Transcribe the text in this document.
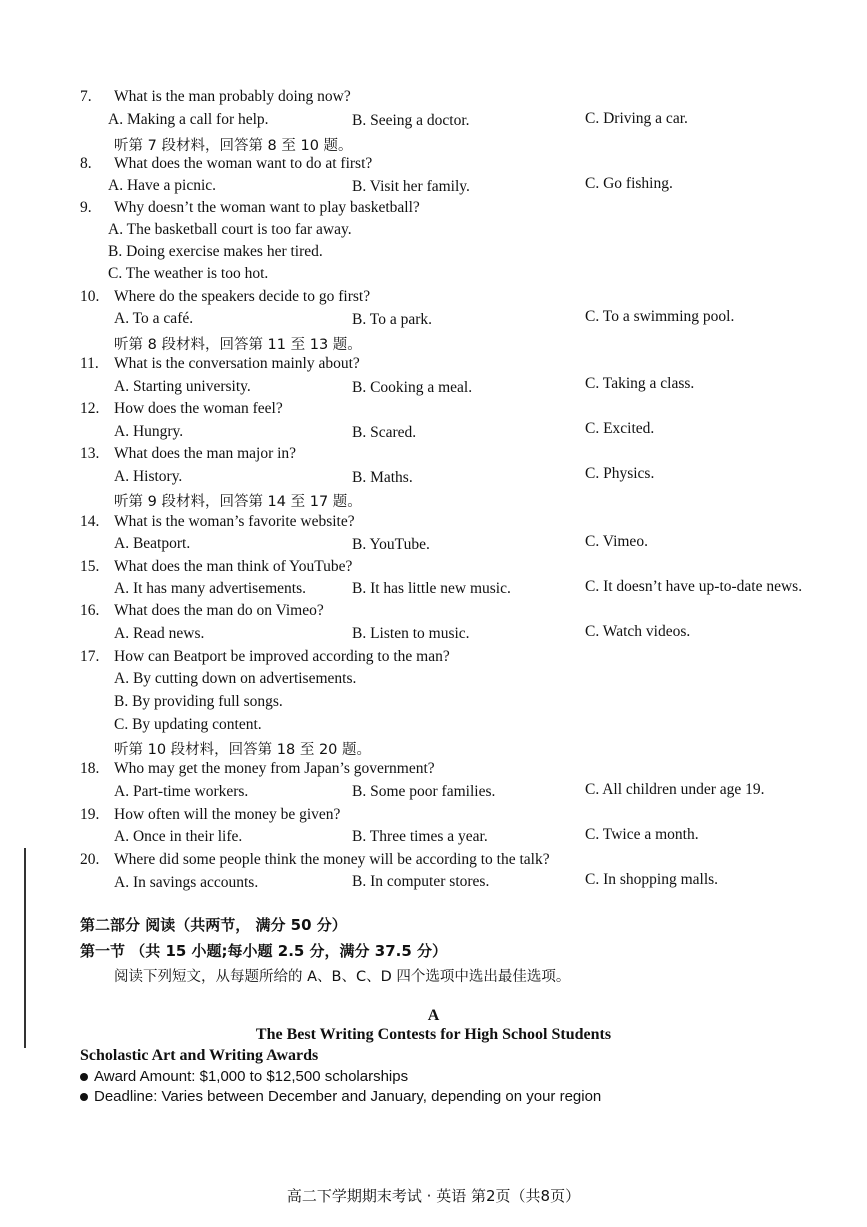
7. What is the man probably doing now?
A. Making a call for help.	B. Seeing a doctor.	C. Driving a car.
听第 7 段材料，回答第 8 至 10 题。
8. What does the woman want to do at first?
A. Have a picnic.	B. Visit her family.	C. Go fishing.
9. Why doesn’t the woman want to play basketball?
A. The basketball court is too far away.
B. Doing exercise makes her tired.
C. The weather is too hot.
10. Where do the speakers decide to go first?
A. To a café.	B. To a park.	C. To a swimming pool.
听第 8 段材料，回答第 11 至 13 题。
11. What is the conversation mainly about?
A. Starting university.	B. Cooking a meal.	C. Taking a class.
12. How does the woman feel?
A. Hungry.	B. Scared.	C. Excited.
13. What does the man major in?
A. History.	B. Maths.	C. Physics.
听第 9 段材料，回答第 14 至 17 题。
14. What is the woman’s favorite website?
A. Beatport.	B. YouTube.	C. Vimeo.
15. What does the man think of YouTube?
A. It has many advertisements.	B. It has little new music.	C. It doesn’t have up-to-date news.
16. What does the man do on Vimeo?
A. Read news.	B. Listen to music.	C. Watch videos.
17. How can Beatport be improved according to the man?
A. By cutting down on advertisements.
B. By providing full songs.
C. By updating content.
听第 10 段材料，回答第 18 至 20 题。
18. Who may get the money from Japan’s government?
A. Part-time workers.	B. Some poor families.	C. All children under age 19.
19. How often will the money be given?
A. Once in their life.	B. Three times a year.	C. Twice a month.
20. Where did some people think the money will be according to the talk?
A. In savings accounts.	B. In computer stores.	C. In shopping malls.
第二部分 阅读（共两节， 满分 50 分）
第一节 （共 15 小题;每小题 2.5 分，满分 37.5 分）
阅读下列短文，从每题所给的 A、B、C、D 四个选项中选出最佳选项。
A
The Best Writing Contests for High School Students
Scholastic Art and Writing Awards
Award Amount: $1,000 to $12,500 scholarships
Deadline: Varies between December and January, depending on your region
高二下学期期末考试 · 英语 第2页（共8页）
